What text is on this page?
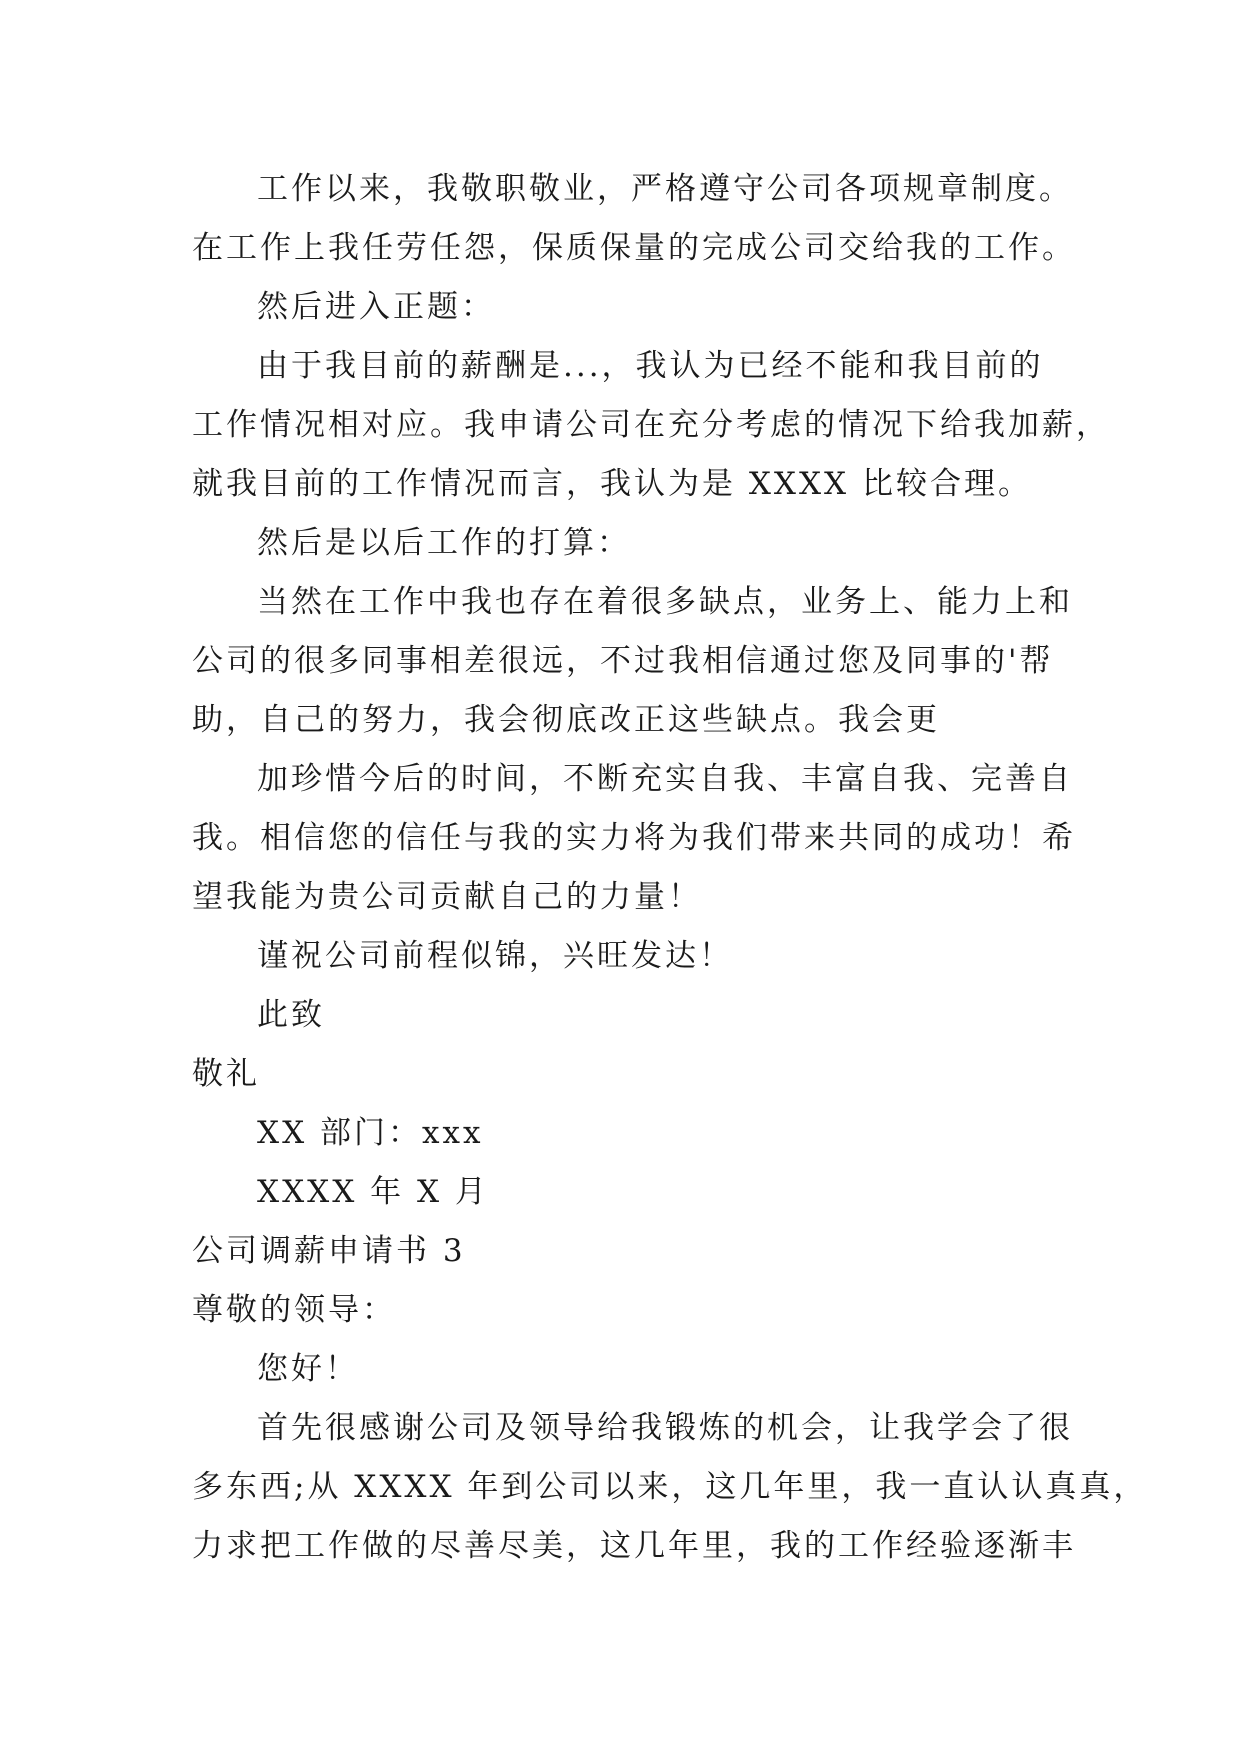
工作以来，我敬职敬业，严格遵守公司各项规章制度。
在工作上我任劳任怨，保质保量的完成公司交给我的工作。
然后进入正题：
由于我目前的薪酬是...，我认为已经不能和我目前的
工作情况相对应。我申请公司在充分考虑的情况下给我加薪，
就我目前的工作情况而言，我认为是 XXXX 比较合理。
然后是以后工作的打算：
当然在工作中我也存在着很多缺点，业务上、能力上和
公司的很多同事相差很远，不过我相信通过您及同事的'帮
助，自己的努力，我会彻底改正这些缺点。我会更
加珍惜今后的时间，不断充实自我、丰富自我、完善自
我。相信您的信任与我的实力将为我们带来共同的成功！希
望我能为贵公司贡献自己的力量！
谨祝公司前程似锦，兴旺发达！
此致
敬礼
XX 部门：xxx
XXXX 年 X 月
公司调薪申请书 3
尊敬的领导：
您好！
首先很感谢公司及领导给我锻炼的机会，让我学会了很
多东西;从 XXXX 年到公司以来，这几年里，我一直认认真真，
力求把工作做的尽善尽美，这几年里，我的工作经验逐渐丰
